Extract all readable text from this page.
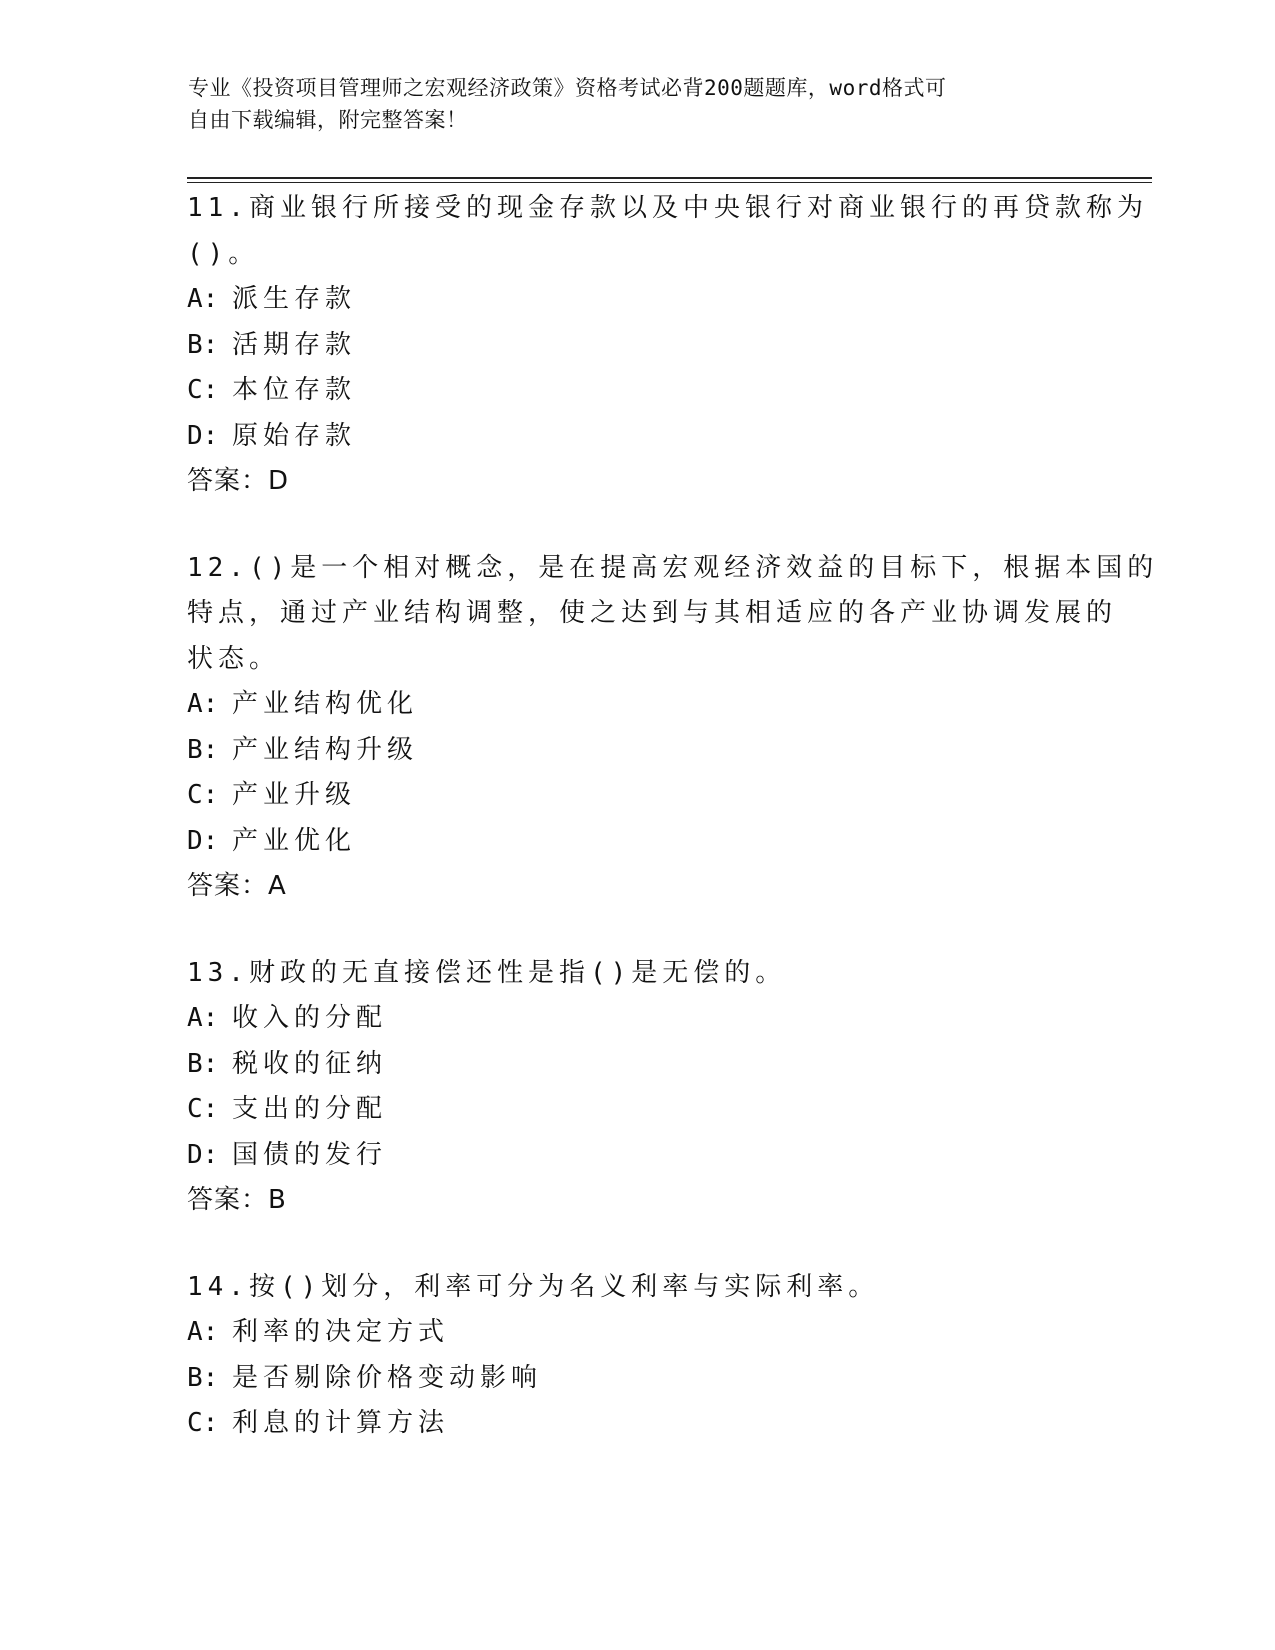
专业《投资项目管理师之宏观经济政策》资格考试必背200题题库，word格式可
自由下载编辑，附完整答案！
11.商业银行所接受的现金存款以及中央银行对商业银行的再贷款称为
()。
A: 派生存款
B: 活期存款
C: 本位存款
D: 原始存款
答案：D
12.()是一个相对概念，是在提高宏观经济效益的目标下，根据本国的
特点，通过产业结构调整，使之达到与其相适应的各产业协调发展的
状态。
A: 产业结构优化
B: 产业结构升级
C: 产业升级
D: 产业优化
答案：A
13.财政的无直接偿还性是指()是无偿的。
A: 收入的分配
B: 税收的征纳
C: 支出的分配
D: 国债的发行
答案：B
14.按()划分，利率可分为名义利率与实际利率。
A: 利率的决定方式
B: 是否剔除价格变动影响
C: 利息的计算方法
